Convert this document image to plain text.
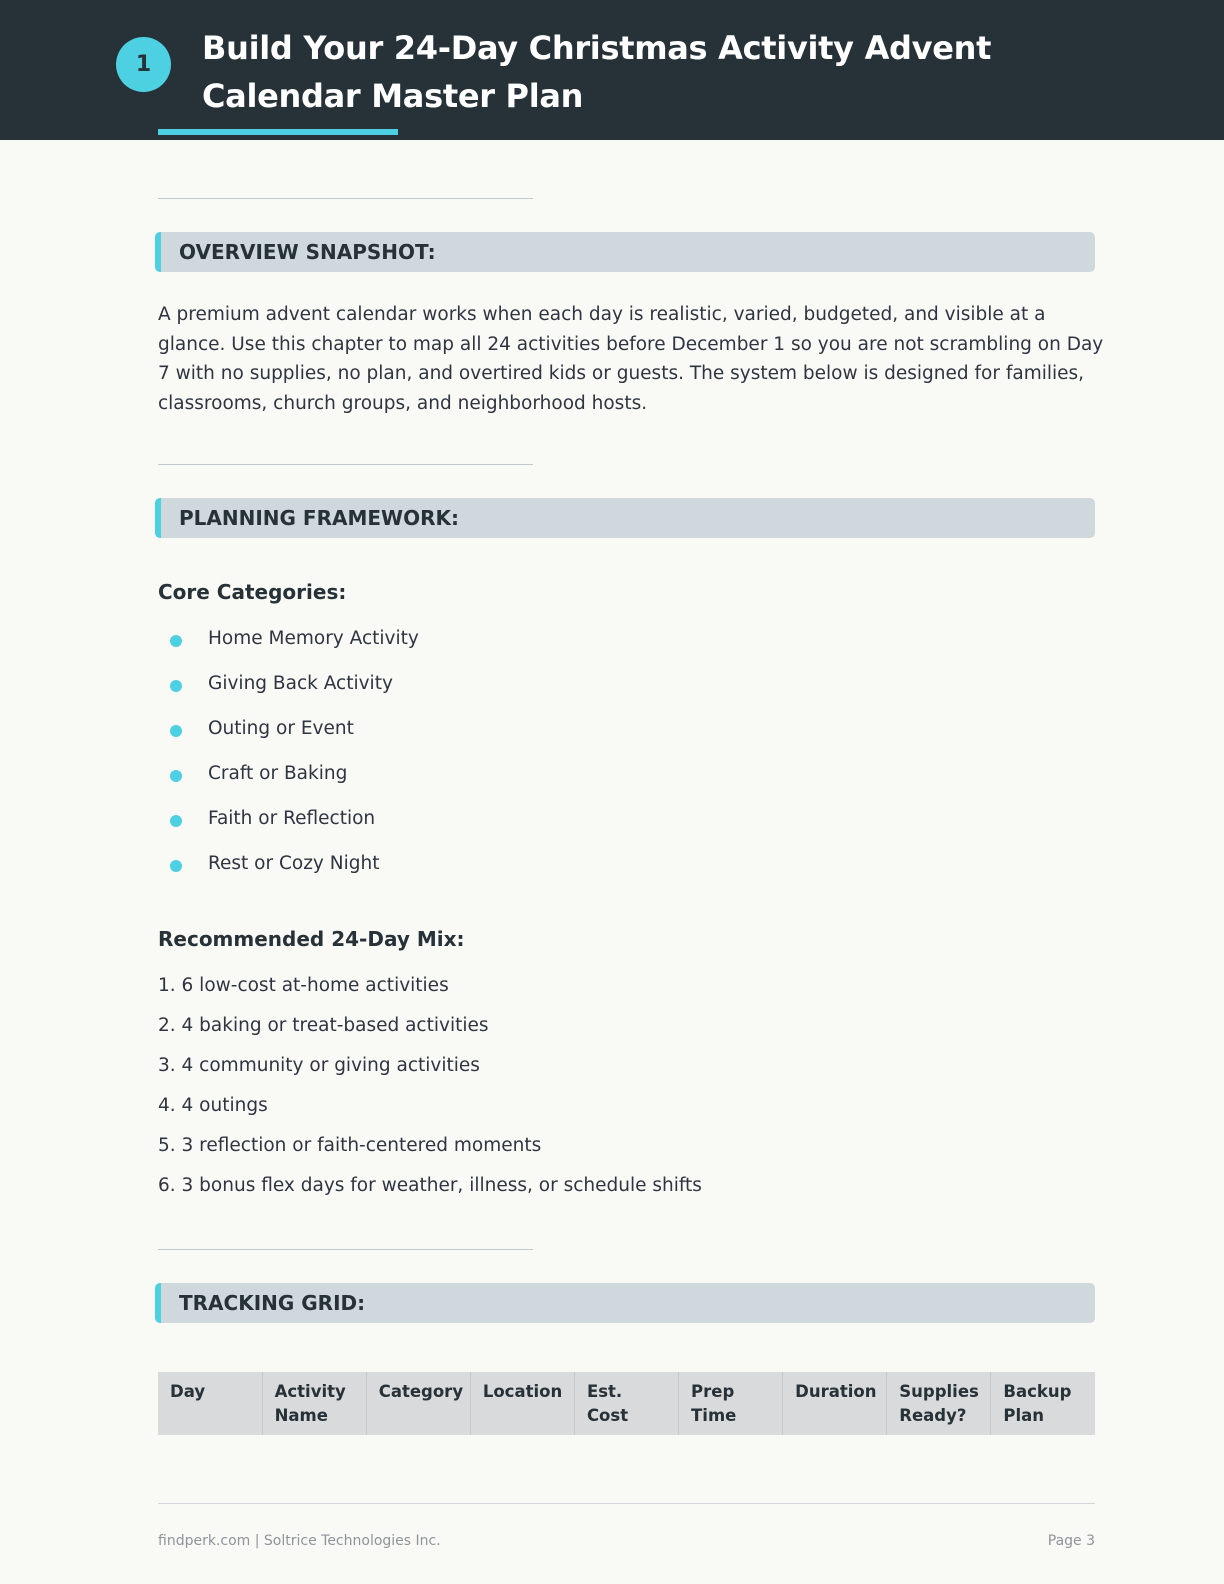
1	Build Your 24-Day Christmas Activity Advent Calendar Master Plan
OVERVIEW SNAPSHOT:

A premium advent calendar works when each day is realistic, varied, budgeted, and visible at a glance. Use this chapter to map all 24 activities before December 1 so you are not scrambling on Day 7 with no supplies, no plan, and overtired kids or guests. The system below is designed for families, classrooms, church groups, and neighborhood hosts.

PLANNING FRAMEWORK:
Core Categories:
Home Memory Activity
Giving Back Activity
Outing or Event
Craft or Baking
Faith or Reflection
Rest or Cozy Night
Recommended 24-Day Mix:
1. 6 low-cost at-home activities
2. 4 baking or treat-based activities
3. 4 community or giving activities
4. 4 outings
5. 3 reflection or faith-centered moments
6. 3 bonus flex days for weather, illness, or schedule shifts
TRACKING GRID:
Day	Activity Name	Category	Location	Est. Cost	Prep Time	Duration	Supplies Ready?	Backup Plan
findperk.com | Soltrice Technologies Inc.	Page 3
